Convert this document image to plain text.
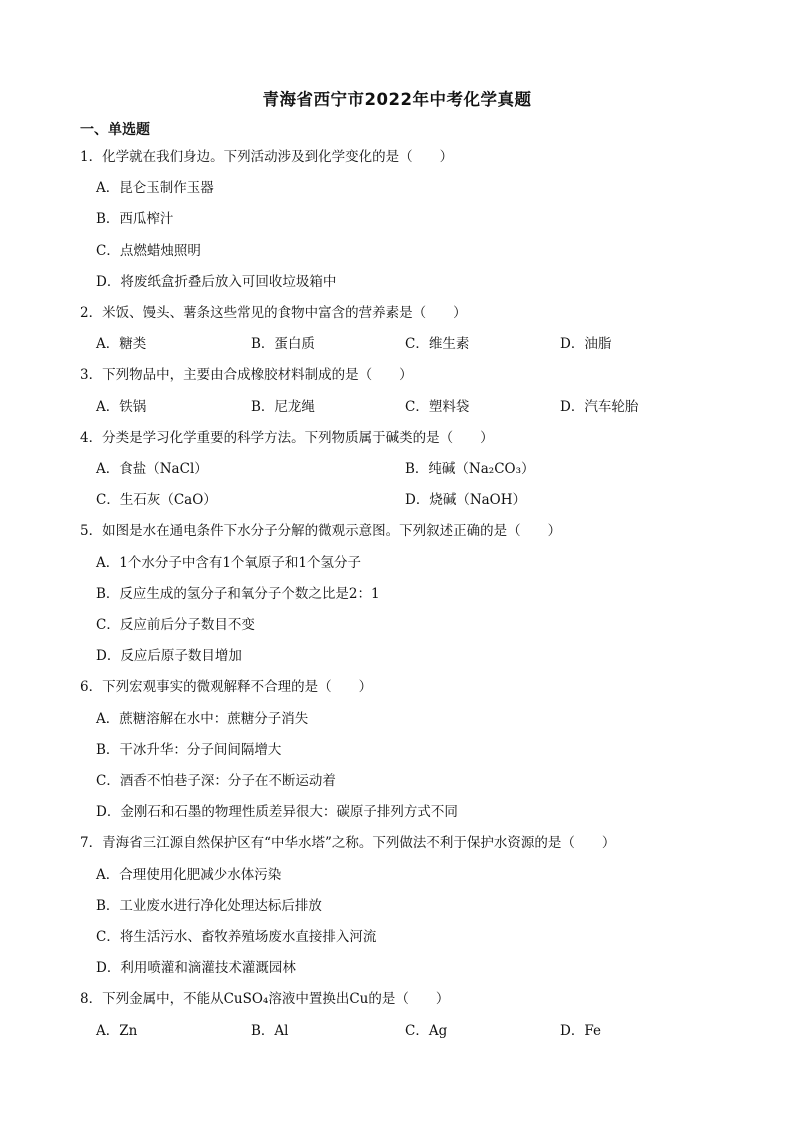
青海省西宁市2022年中考化学真题
一、单选题
1．化学就在我们身边。下列活动涉及到化学变化的是（　　）
A．昆仑玉制作玉器
B．西瓜榨汁
C．点燃蜡烛照明
D．将废纸盒折叠后放入可回收垃圾箱中
2．米饭、馒头、薯条这些常见的食物中富含的营养素是（　　）
A．糖类	B．蛋白质	C．维生素	D．油脂
3．下列物品中，主要由合成橡胶材料制成的是（　　）
A．铁锅	B．尼龙绳	C．塑料袋	D．汽车轮胎
4．分类是学习化学重要的科学方法。下列物质属于碱类的是（　　）
A．食盐（NaCl）	B．纯碱（Na₂CO₃）
C．生石灰（CaO）	D．烧碱（NaOH）
5．如图是水在通电条件下水分子分解的微观示意图。下列叙述正确的是（　　）
A．1个水分子中含有1个氧原子和1个氢分子
B．反应生成的氢分子和氧分子个数之比是2：1
C．反应前后分子数目不变
D．反应后原子数目增加
6．下列宏观事实的微观解释不合理的是（　　）
A．蔗糖溶解在水中：蔗糖分子消失
B．干冰升华：分子间间隔增大
C．酒香不怕巷子深：分子在不断运动着
D．金刚石和石墨的物理性质差异很大：碳原子排列方式不同
7．青海省三江源自然保护区有“中华水塔”之称。下列做法不利于保护水资源的是（　　）
A．合理使用化肥减少水体污染
B．工业废水进行净化处理达标后排放
C．将生活污水、畜牧养殖场废水直接排入河流
D．利用喷灌和滴灌技术灌溉园林
8．下列金属中，不能从CuSO₄溶液中置换出Cu的是（　　）
A．Zn	B．Al	C．Ag	D．Fe
